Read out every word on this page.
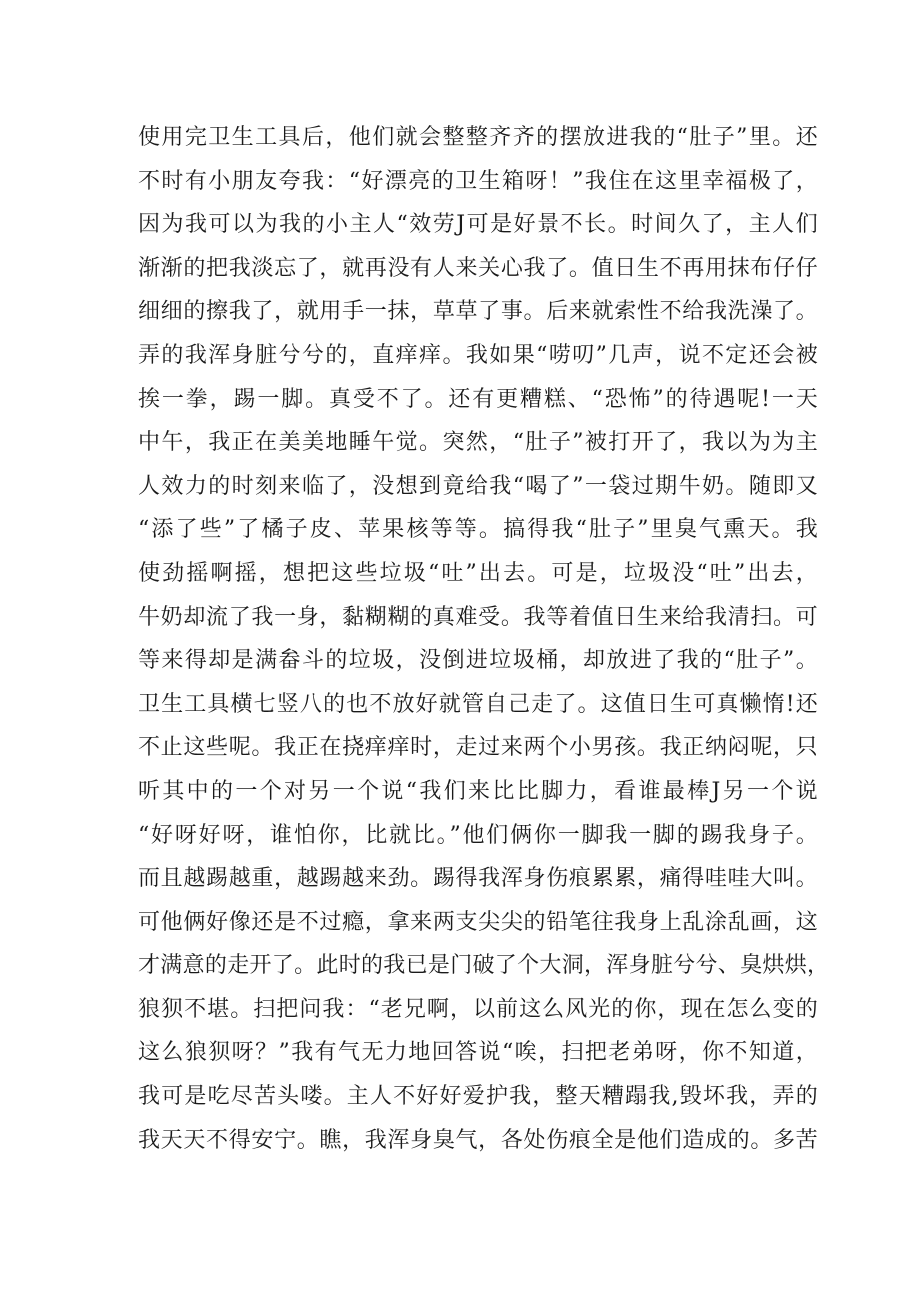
使用完卫生工具后，他们就会整整齐齐的摆放进我的“肚子”里。还
不时有小朋友夸我：“好漂亮的卫生箱呀！”我住在这里幸福极了，
因为我可以为我的小主人“效劳J可是好景不长。时间久了，主人们
渐渐的把我淡忘了，就再没有人来关心我了。值日生不再用抹布仔仔
细细的擦我了，就用手一抹，草草了事。后来就索性不给我洗澡了。
弄的我浑身脏兮兮的，直痒痒。我如果“唠叨”几声，说不定还会被
挨一拳，踢一脚。真受不了。还有更糟糕、“恐怖”的待遇呢!一天
中午，我正在美美地睡午觉。突然，“肚子”被打开了，我以为为主
人效力的时刻来临了，没想到竟给我“喝了”一袋过期牛奶。随即又
“添了些”了橘子皮、苹果核等等。搞得我“肚子”里臭气熏天。我
使劲摇啊摇，想把这些垃圾“吐”出去。可是，垃圾没“吐”出去，
牛奶却流了我一身，黏糊糊的真难受。我等着值日生来给我清扫。可
等来得却是满畚斗的垃圾，没倒进垃圾桶，却放进了我的“肚子”。
卫生工具横七竖八的也不放好就管自己走了。这值日生可真懒惰!还
不止这些呢。我正在挠痒痒时，走过来两个小男孩。我正纳闷呢，只
听其中的一个对另一个说“我们来比比脚力，看谁最棒J另一个说
“好呀好呀，谁怕你，比就比。”他们俩你一脚我一脚的踢我身子。
而且越踢越重，越踢越来劲。踢得我浑身伤痕累累，痛得哇哇大叫。
可他俩好像还是不过瘾，拿来两支尖尖的铅笔往我身上乱涂乱画，这
才满意的走开了。此时的我已是门破了个大洞，浑身脏兮兮、臭烘烘，
狼狈不堪。扫把问我：“老兄啊，以前这么风光的你，现在怎么变的
这么狼狈呀？”我有气无力地回答说“唉，扫把老弟呀，你不知道，
我可是吃尽苦头喽。主人不好好爱护我，整天糟蹋我,毁坏我，弄的
我天天不得安宁。瞧，我浑身臭气，各处伤痕全是他们造成的。多苦
